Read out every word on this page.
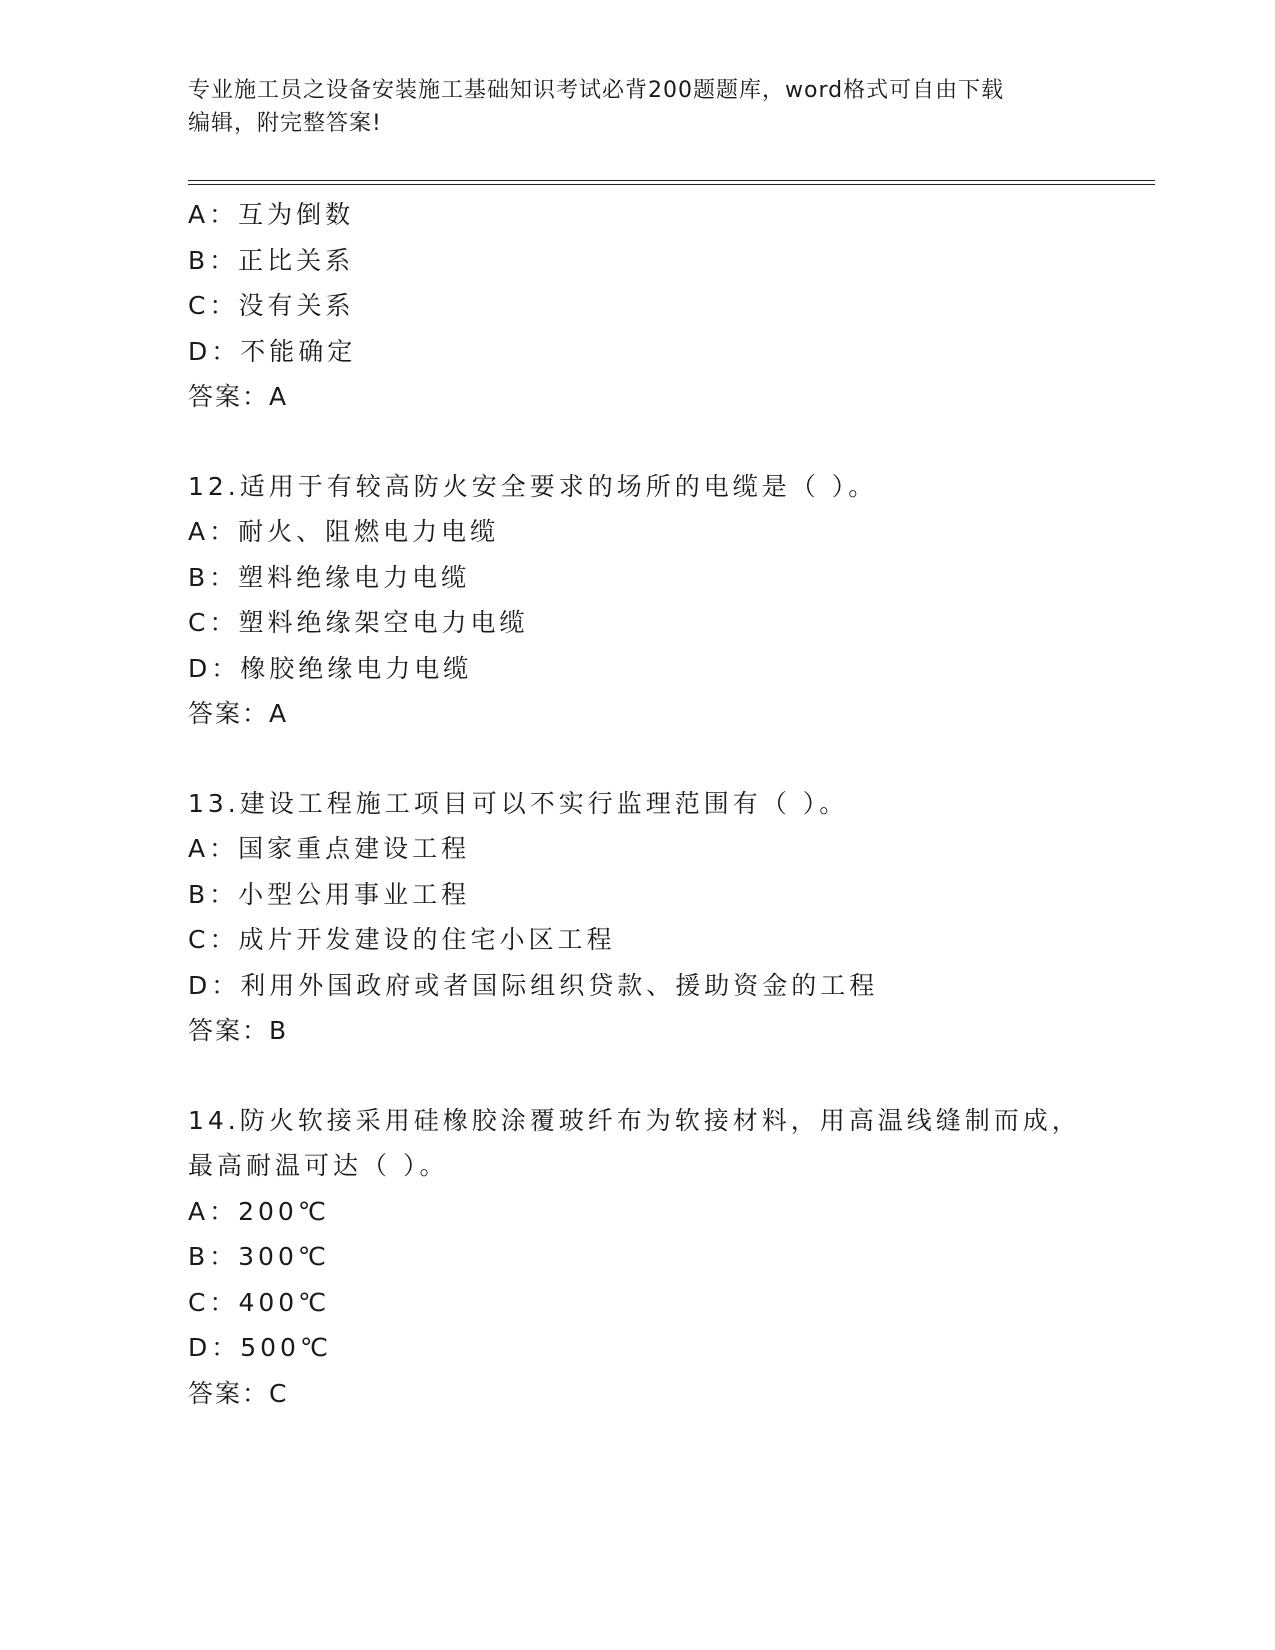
专业施工员之设备安装施工基础知识考试必背200题题库，word格式可自由下载
编辑，附完整答案!
A：互为倒数
B：正比关系
C：没有关系
D：不能确定
答案：A
12.适用于有较高防火安全要求的场所的电缆是（ ）。
A：耐火、阻燃电力电缆
B：塑料绝缘电力电缆
C：塑料绝缘架空电力电缆
D：橡胶绝缘电力电缆
答案：A
13.建设工程施工项目可以不实行监理范围有（ ）。
A：国家重点建设工程
B：小型公用事业工程
C：成片开发建设的住宅小区工程
D：利用外国政府或者国际组织贷款、援助资金的工程
答案：B
14.防火软接采用硅橡胶涂覆玻纤布为软接材料，用高温线缝制而成，
最高耐温可达（ ）。
A：200℃
B：300℃
C：400℃
D：500℃
答案：C
